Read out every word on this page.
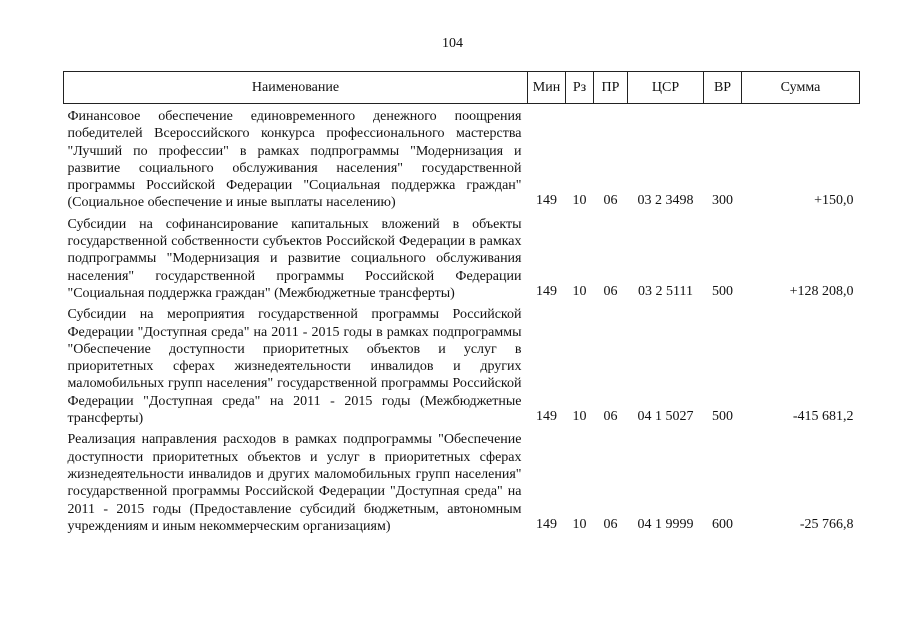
104
Наименование	Мин	Рз	ПР	ЦСР	ВР	Сумма
Финансовое обеспечение единовременного денежного поощрения победителей Всероссийского конкурса профессионального мастерства "Лучший по профессии" в рамках подпрограммы "Модернизация и развитие социального обслуживания населения" государственной программы Российской Федерации "Социальная поддержка граждан" (Социальное обеспечение и иные выплаты населению)	149	10	06	03 2 3498	300	+150,0
Субсидии на софинансирование капитальных вложений в объекты государственной собственности субъектов Российской Федерации в рамках подпрограммы "Модернизация и развитие социального обслуживания населения" государственной программы Российской Федерации "Социальная поддержка граждан" (Межбюджетные трансферты)	149	10	06	03 2 5111	500	+128 208,0
Субсидии на мероприятия государственной программы Российской Федерации "Доступная среда" на 2011 - 2015 годы в рамках подпрограммы "Обеспечение доступности приоритетных объектов и услуг в приоритетных сферах жизнедеятельности инвалидов и других маломобильных групп населения" государственной программы Российской Федерации "Доступная среда" на 2011 - 2015 годы (Межбюджетные трансферты)	149	10	06	04 1 5027	500	-415 681,2
Реализация направления расходов в рамках подпрограммы "Обеспечение доступности приоритетных объектов и услуг в приоритетных сферах жизнедеятельности инвалидов и других маломобильных групп населения" государственной программы Российской Федерации "Доступная среда" на 2011 - 2015 годы (Предоставление субсидий бюджетным, автономным учреждениям и иным некоммерческим организациям)	149	10	06	04 1 9999	600	-25 766,8
